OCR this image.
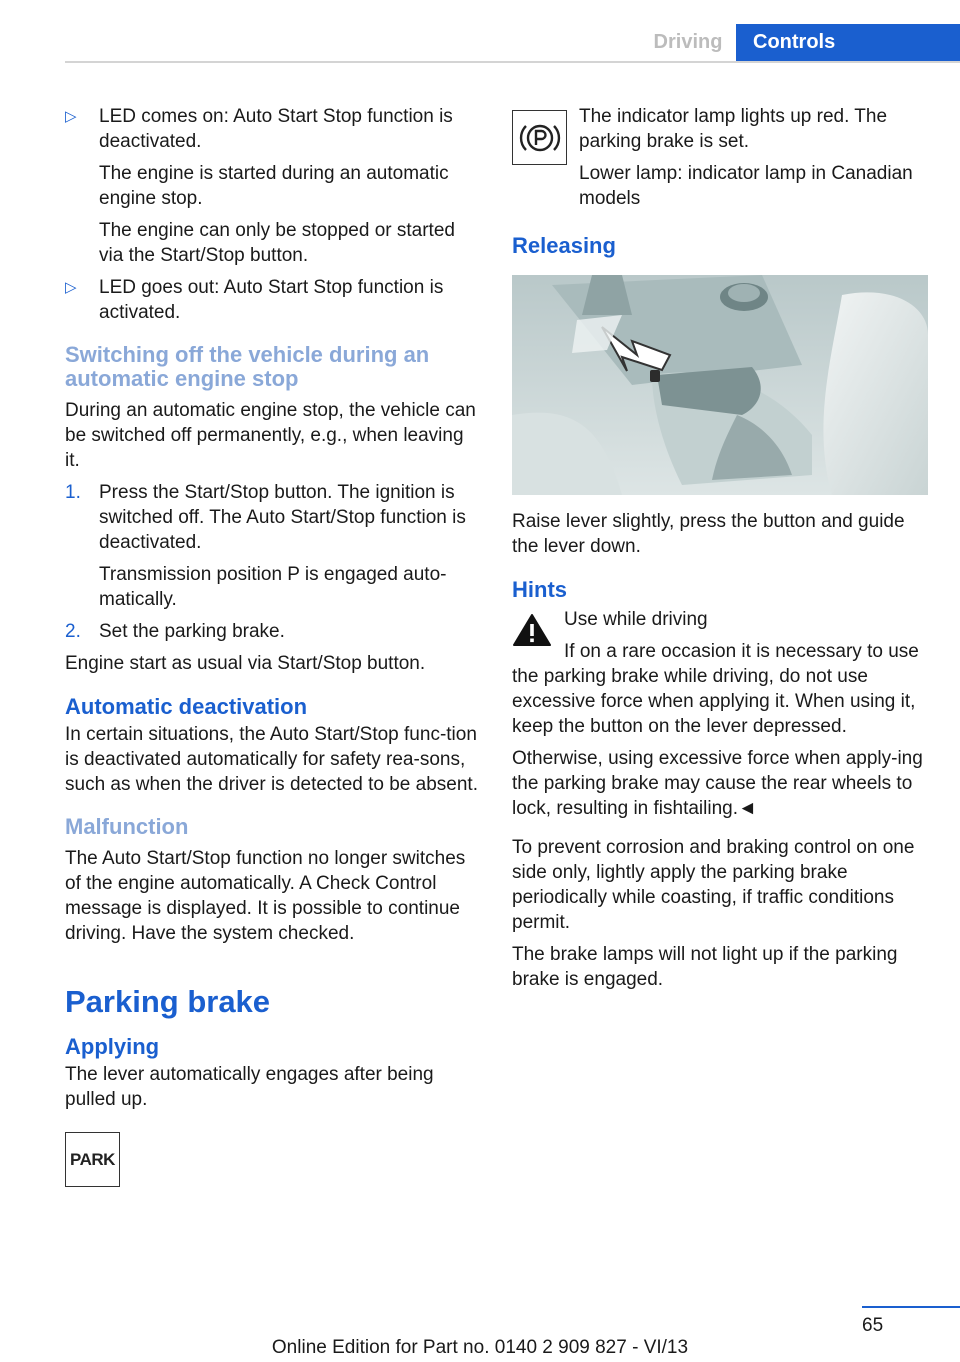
Driving	Controls
▷ LED comes on: Auto Start Stop function is deactivated.

The engine is started during an automatic engine stop.

The engine can only be stopped or started via the Start/Stop button.

▷ LED goes out: Auto Start Stop function is activated.

Switching off the vehicle during an automatic engine stop

During an automatic engine stop, the vehicle can be switched off permanently, e.g., when leaving it.

1. Press the Start/Stop button. The ignition is switched off. The Auto Start/Stop function is deactivated.

Transmission position P is engaged auto‐matically.

2. Set the parking brake.

Engine start as usual via Start/Stop button.

Automatic deactivation

In certain situations, the Auto Start/Stop func‐tion is deactivated automatically for safety rea‐sons, such as when the driver is detected to be absent.

Malfunction

The Auto Start/Stop function no longer switches of the engine automatically. A Check Control message is displayed. It is possible to continue driving. Have the system checked.

Parking brake
Applying

The lever automatically engages after being pulled up.

PARK

The indicator lamp lights up red. The parking brake is set.

Lower lamp: indicator lamp in Canadian models

Releasing

Raise lever slightly, press the button and guide the lever down.

Hints

Use while driving

If on a rare occasion it is necessary to use the parking brake while driving, do not use excessive force when applying it. When using it, keep the button on the lever depressed.

Otherwise, using excessive force when apply‐ing the parking brake may cause the rear wheels to lock, resulting in fishtailing.◄

To prevent corrosion and braking control on one side only, lightly apply the parking brake periodically while coasting, if traffic conditions permit.

The brake lamps will not light up if the parking brake is engaged.

65
Online Edition for Part no. 0140 2 909 827 - VI/13
